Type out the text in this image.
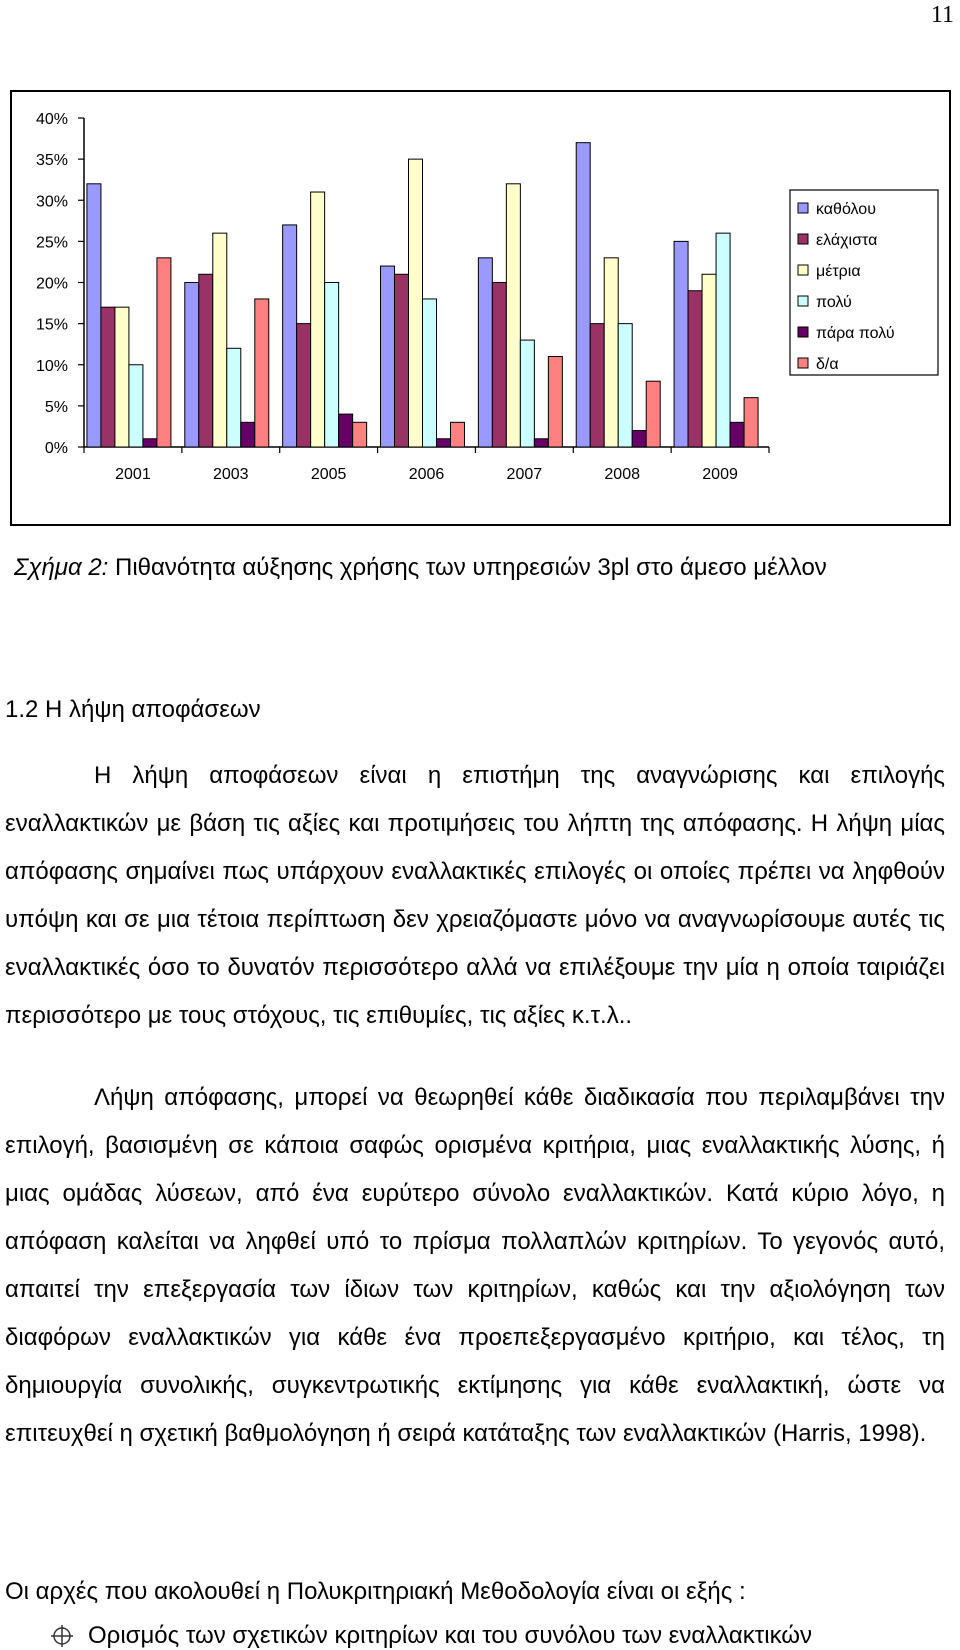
11
0%
5%
10%
15%
20%
25%
30%
35%
40%
2001	2003	2005	2006	2007	2008	2009
καθόλου
ελάχιστα
μέτρια
πολύ
πάρα πολύ
δ/α
Σχήμα 2: Πιθανότητα αύξησης χρήσης των υπηρεσιών 3pl στο άμεσο μέλλον
1.2 Η λήψη αποφάσεων

Η λήψη αποφάσεων είναι η επιστήμη της αναγνώρισης και επιλογής εναλλακτικών με βάση τις αξίες και προτιμήσεις του λήπτη της απόφασης. Η λήψη μίας απόφασης σημαίνει πως υπάρχουν εναλλακτικές επιλογές οι οποίες πρέπει να ληφθούν υπόψη και σε μια τέτοια περίπτωση δεν χρειαζόμαστε μόνο να αναγνωρίσουμε αυτές τις εναλλακτικές όσο το δυνατόν περισσότερο αλλά να επιλέξουμε την μία η οποία ταιριάζει περισσότερο με τους στόχους, τις επιθυμίες, τις αξίες κ.τ.λ..

Λήψη απόφασης, μπορεί να θεωρηθεί κάθε διαδικασία που περιλαμβάνει την επιλογή, βασισμένη σε κάποια σαφώς ορισμένα κριτήρια, μιας εναλλακτικής λύσης, ή μιας ομάδας λύσεων, από ένα ευρύτερο σύνολο εναλλακτικών. Κατά κύριο λόγο, η απόφαση καλείται να ληφθεί υπό το πρίσμα πολλαπλών κριτηρίων. Το γεγονός αυτό, απαιτεί την επεξεργασία των ίδιων των κριτηρίων, καθώς και την αξιολόγηση των διαφόρων εναλλακτικών για κάθε ένα προεπεξεργασμένο κριτήριο, και τέλος, τη δημιουργία συνολικής, συγκεντρωτικής εκτίμησης για κάθε εναλλακτική, ώστε να επιτευχθεί η σχετική βαθμολόγηση ή σειρά κατάταξης των εναλλακτικών (Harris, 1998).

Οι αρχές που ακολουθεί η Πολυκριτηριακή Μεθοδολογία είναι οι εξής :
Ορισμός των σχετικών κριτηρίων και του συνόλου των εναλλακτικών
